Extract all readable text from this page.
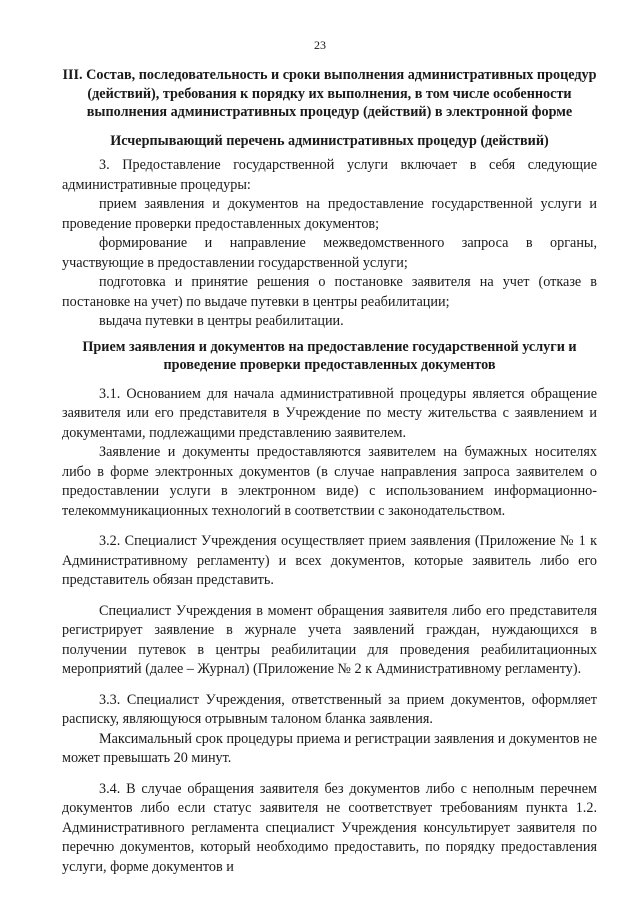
23

III. Состав, последовательность и сроки выполнения административных процедур (действий), требования к порядку их выполнения, в том числе особенности выполнения административных процедур (действий) в электронной форме

Исчерпывающий перечень административных процедур (действий)

3. Предоставление государственной услуги включает в себя следующие административные процедуры:

прием заявления и документов на предоставление государственной услуги и проведение проверки предоставленных документов;

формирование и направление межведомственного запроса в органы, участвующие в предоставлении государственной услуги;

подготовка и принятие решения о постановке заявителя на учет (отказе в постановке на учет) по выдаче путевки в центры реабилитации;

выдача путевки в центры реабилитации.

Прием заявления и документов на предоставление государственной услуги и проведение проверки предоставленных документов

3.1. Основанием для начала административной процедуры является обращение заявителя или его представителя в Учреждение по месту жительства с заявлением и документами, подлежащими представлению заявителем.

Заявление и документы предоставляются заявителем на бумажных носителях либо в форме электронных документов (в случае направления запроса заявителем о предоставлении услуги в электронном виде) с использованием информационно-телекоммуникационных технологий в соответствии с законодательством.

3.2. Специалист Учреждения осуществляет прием заявления (Приложение № 1 к Административному регламенту) и всех документов, которые заявитель либо его представитель обязан представить.

Специалист Учреждения в момент обращения заявителя либо его представителя регистрирует заявление в журнале учета заявлений граждан, нуждающихся в получении путевок в центры реабилитации для проведения реабилитационных мероприятий (далее – Журнал) (Приложение № 2 к Административному регламенту).

3.3. Специалист Учреждения, ответственный за прием документов, оформляет расписку, являющуюся отрывным талоном бланка заявления.

Максимальный срок процедуры приема и регистрации заявления и документов не может превышать 20 минут.

3.4. В случае обращения заявителя без документов либо с неполным перечнем документов либо если статус заявителя не соответствует требованиям пункта 1.2. Административного регламента специалист Учреждения консультирует заявителя по перечню документов, который необходимо предоставить, по порядку предоставления услуги, форме документов и
